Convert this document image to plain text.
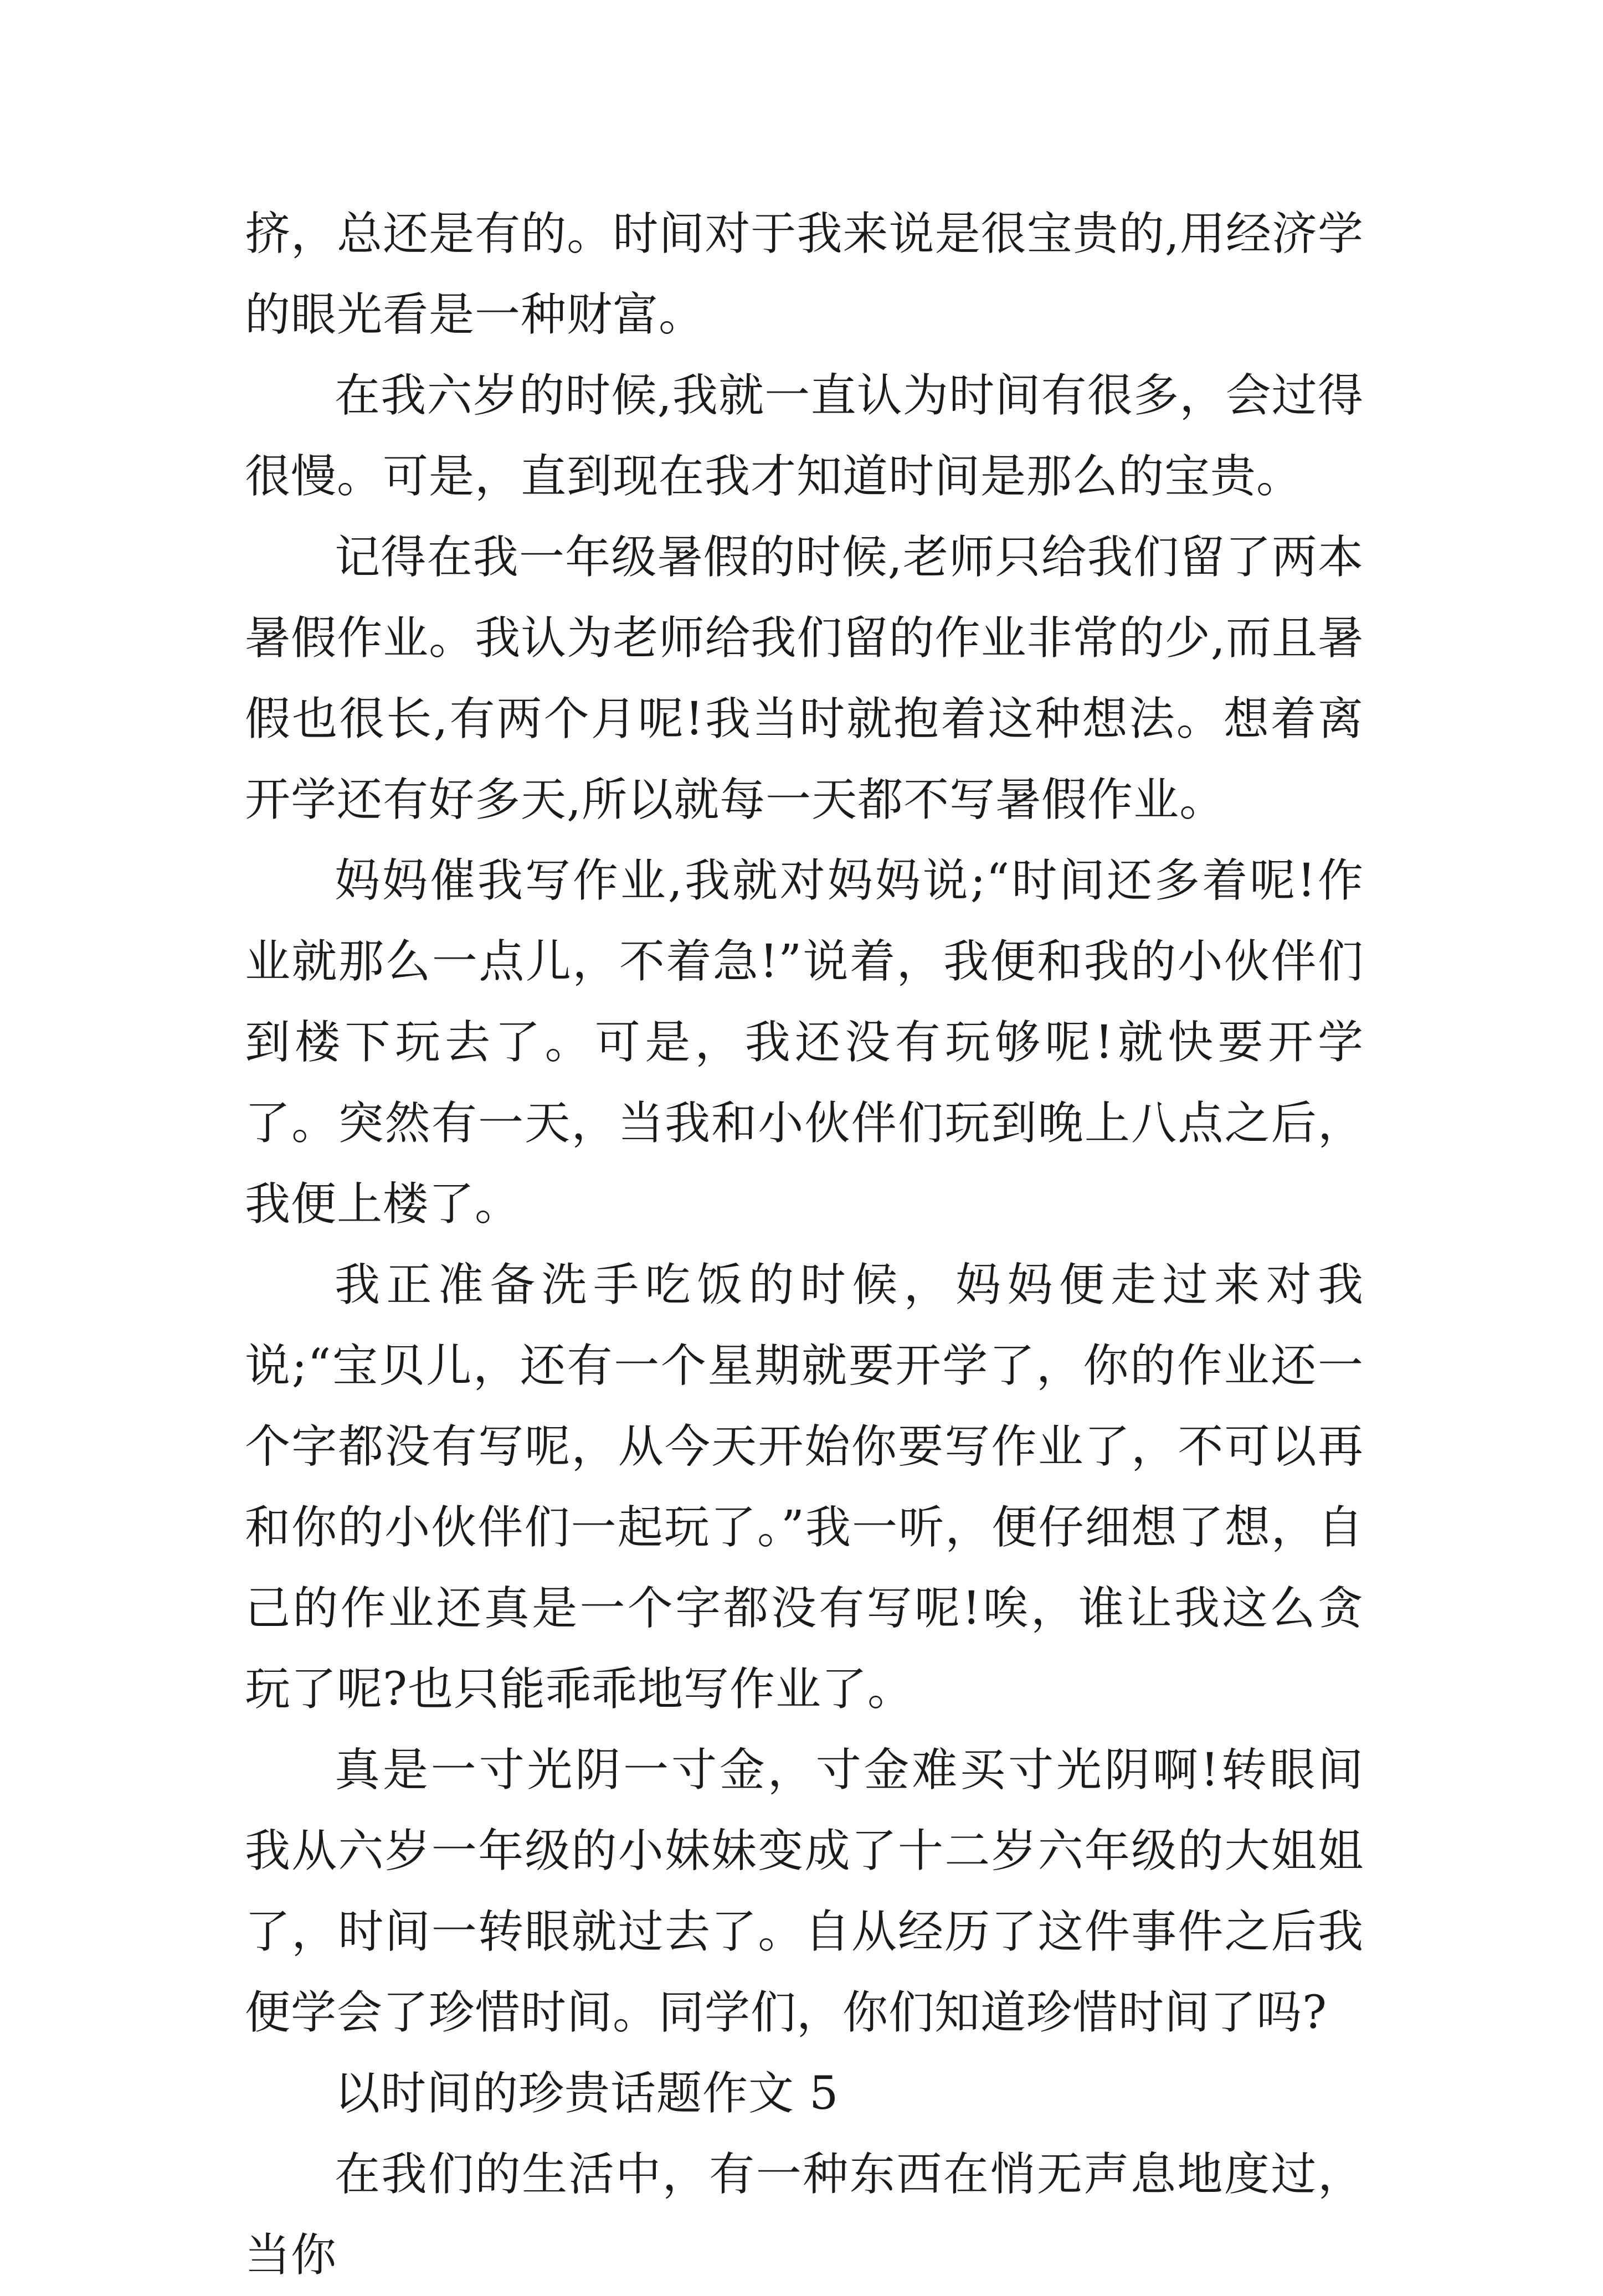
挤，总还是有的。时间对于我来说是很宝贵的,用经济学的眼光看是一种财富。

在我六岁的时候,我就一直认为时间有很多，会过得很慢。可是，直到现在我才知道时间是那么的宝贵。

记得在我一年级暑假的时候,老师只给我们留了两本暑假作业。我认为老师给我们留的作业非常的少,而且暑假也很长,有两个月呢!我当时就抱着这种想法。想着离开学还有好多天,所以就每一天都不写暑假作业。

妈妈催我写作业,我就对妈妈说;“时间还多着呢!作业就那么一点儿，不着急!”说着，我便和我的小伙伴们到楼下玩去了。可是，我还没有玩够呢!就快要开学了。突然有一天，当我和小伙伴们玩到晚上八点之后，我便上楼了。

我正准备洗手吃饭的时候，妈妈便走过来对我说;“宝贝儿，还有一个星期就要开学了，你的作业还一个字都没有写呢，从今天开始你要写作业了，不可以再和你的小伙伴们一起玩了。”我一听，便仔细想了想，自己的作业还真是一个字都没有写呢!唉，谁让我这么贪玩了呢?也只能乖乖地写作业了。

真是一寸光阴一寸金，寸金难买寸光阴啊!转眼间我从六岁一年级的小妹妹变成了十二岁六年级的大姐姐了，时间一转眼就过去了。自从经历了这件事件之后我便学会了珍惜时间。同学们，你们知道珍惜时间了吗?

以时间的珍贵话题作文 5

在我们的生活中，有一种东西在悄无声息地度过，当你
